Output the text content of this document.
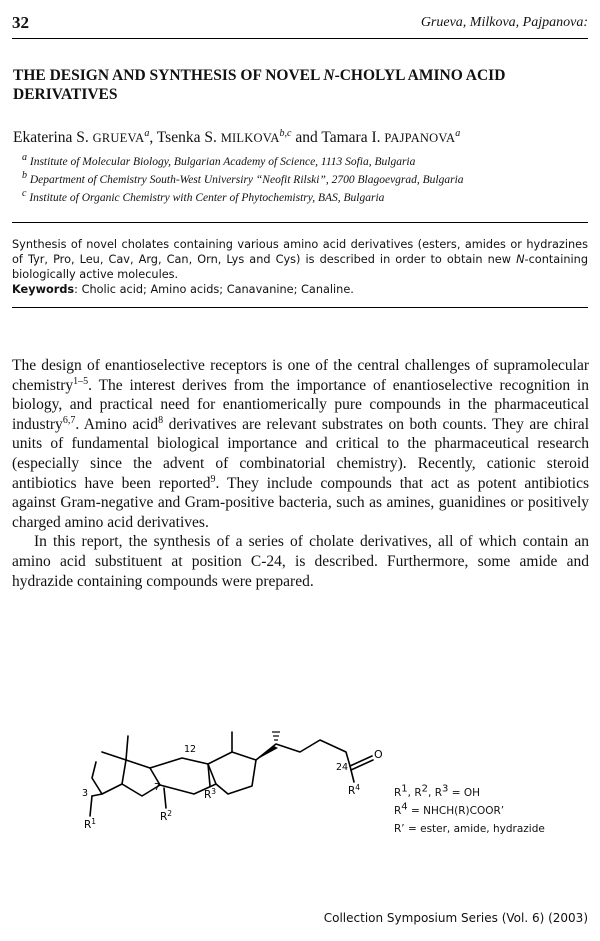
32	Grueva, Milkova, Pajpanova:
THE DESIGN AND SYNTHESIS OF NOVEL N-CHOLYL AMINO ACID DERIVATIVES
Ekaterina S. GRUEVA$^a$, Tsenka S. MILKOVA$^{b,c}$ and Tamara I. PAJPANOVA$^a$
$^a$ Institute of Molecular Biology, Bulgarian Academy of Science, 1113 Sofia, Bulgaria
$^b$ Department of Chemistry South-West Universiry “Neofit Rilski”, 2700 Blagoevgrad, Bulgaria
$^c$ Institute of Organic Chemistry with Center of Phytochemistry, BAS, Bulgaria
Synthesis of novel cholates containing various amino acid derivatives (esters, amides or hydrazines of Tyr, Pro, Leu, Cav, Arg, Can, Orn, Lys and Cys) is described in order to obtain new N-containing biologically active molecules.
Keywords: Cholic acid; Amino acids; Canavanine; Canaline.

The design of enantioselective receptors is one of the central challenges of supramolecular chemistry$^{1-5}$. The interest derives from the importance of enantioselective recognition in biology, and practical need for enantiomerically pure compounds in the pharmaceutical industry$^{6,7}$. Amino acid$^8$ derivatives are relevant substrates on both counts. They are chiral units of fundamental biological importance and critical to the pharmaceutical research (especially since the advent of combinatorial chemistry). Recently, cationic steroid antibiotics have been reported$^9$. They include compounds that act as potent antibiotics against Gram-negative and Gram-positive bacteria, such as amines, guanidines or positively charged amino acid derivatives.

In this report, the synthesis of a series of cholate derivatives, all of which contain an amino acid substituent at position C-24, is described. Furthermore, some amide and hydrazide containing compounds were prepared.

12
7
3
24
O
$R^1$	$R^2$
$R^3$	$R^4$	$R^1$, $R^2$, $R^3$ = OH
$R^4$ = NHCH(R)COOR’
R’ = ester, amide, hydrazide
Collection Symposium Series (Vol. 6) (2003)
